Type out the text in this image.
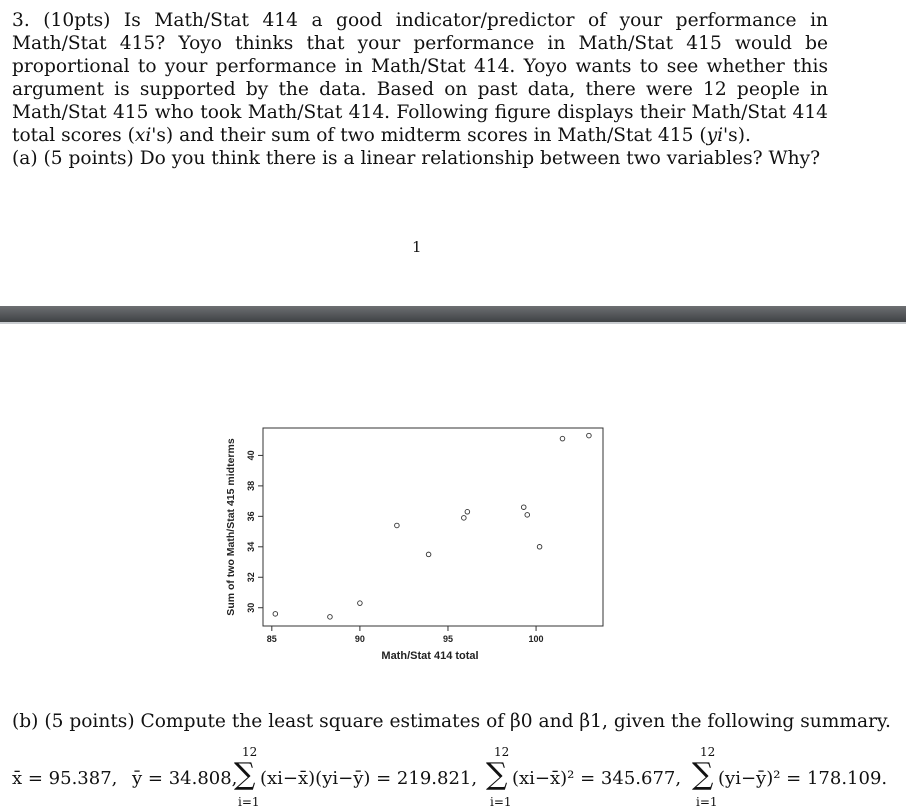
3. (10pts) Is Math/Stat 414 a good indicator/predictor of your performance in Math/Stat 415? Yoyo thinks that your performance in Math/Stat 415 would be proportional to your performance in Math/Stat 414. Yoyo wants to see whether this argument is supported by the data. Based on past data, there were 12 people in Math/Stat 415 who took Math/Stat 414. Following figure displays their Math/Stat 414 total scores (xi's) and their sum of two midterm scores in Math/Stat 415 (yi's).

(a) (5 points) Do you think there is a linear relationship between two variables? Why?

1
85	90	95	100
30
32
34
36
38
40
Math/Stat 414 total
Sum of two Math/Stat 415 midterms
(b) (5 points) Compute the least square estimates of β0 and β1, given the following summary.
x̄ = 95.387, ȳ = 34.808,
12
∑
i=1
(xi−x̄)(yi−ȳ) = 219.821,
12
∑
i=1
(xi−x̄)² = 345.677,
12
∑
i=1
(yi−ȳ)² = 178.109.
